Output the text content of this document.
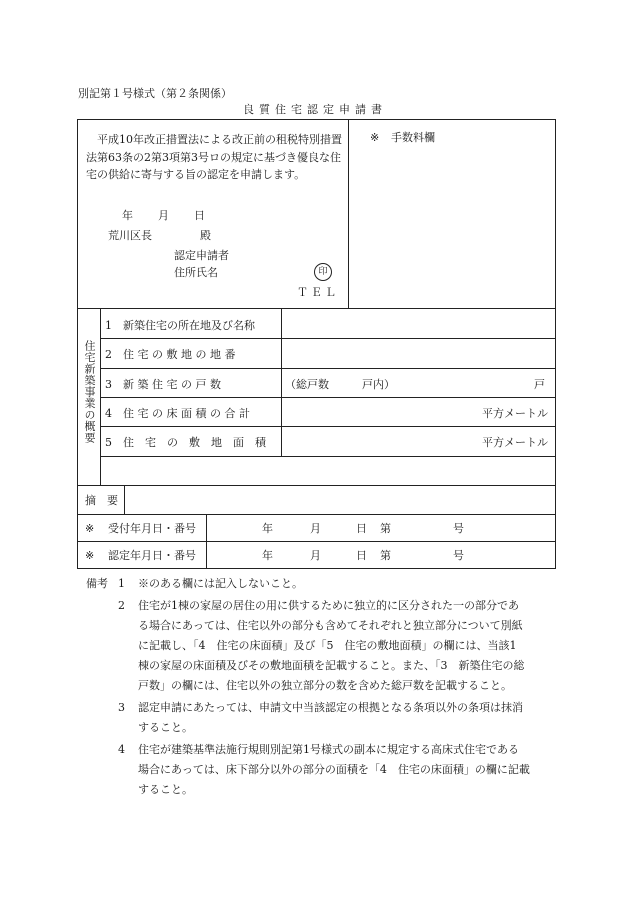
別記第１号様式（第２条関係）
良質住宅認定申請書
平成10年改正措置法による改正前の租税特別措置法第63条の2第3項第3号ロの規定に基づき優良な住宅の供給に寄与する旨の認定を申請します。
年 月 日
荒川区長	殿
認定申請者
住所氏名	印
ＴＥＬ
※ 手数料欄
住宅新築事業の概要
1　新築住宅の所在地及び名称
2　住 宅 の 敷 地 の 地 番
3　新 築 住 宅 の 戸 数	（総戸数　　　戸内）	戸
4　住 宅 の 床 面 積 の 合 計	平方メートル
5　住　宅　の　敷　地　面　積	平方メートル
摘　要
※ 受付年月日・番号	年	月	日 第	号
※ 認定年月日・番号	年	月	日 第	号
備考 1	※のある欄には記入しないこと。
2	住宅が1棟の家屋の居住の用に供するために独立的に区分された一の部分であ
る場合にあっては、住宅以外の部分も含めてそれぞれと独立部分について別紙
に記載し、「4　住宅の床面積」及び「5　住宅の敷地面積」の欄には、当該1
棟の家屋の床面積及びその敷地面積を記載すること。また、「3　新築住宅の総
戸数」の欄には、住宅以外の独立部分の数を含めた総戸数を記載すること。
3	認定申請にあたっては、申請文中当該認定の根拠となる条項以外の条項は抹消
すること。
4	住宅が建築基準法施行規則別記第1号様式の副本に規定する高床式住宅である
場合にあっては、床下部分以外の部分の面積を「4　住宅の床面積」の欄に記載
すること。
